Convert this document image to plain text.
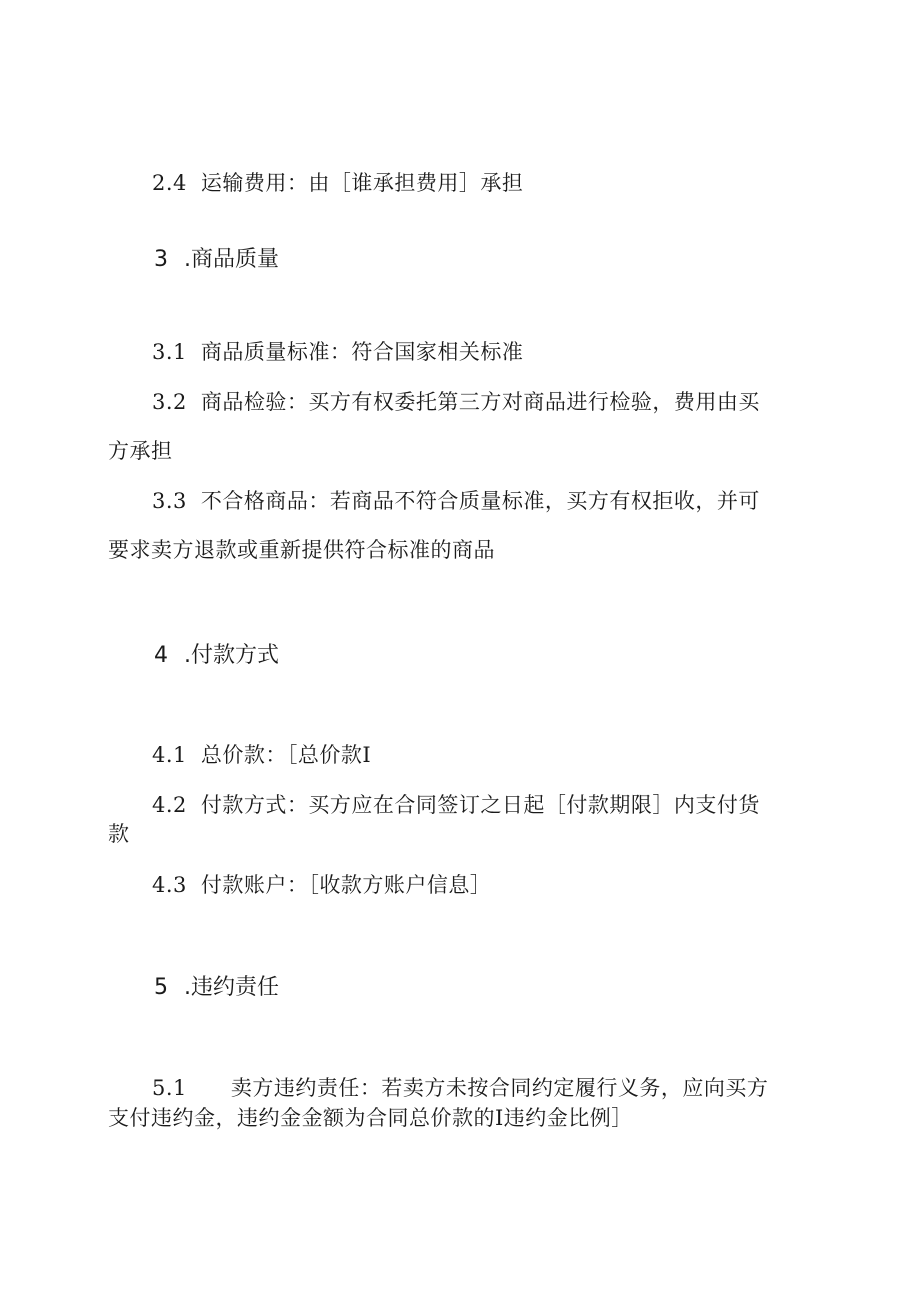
2.4 运输费用：由［谁承担费用］承担
3 .商品质量
3.1 商品质量标准：符合国家相关标准
3.2 商品检验：买方有权委托第三方对商品进行检验，费用由买
方承担
3.3 不合格商品：若商品不符合质量标准，买方有权拒收，并可
要求卖方退款或重新提供符合标准的商品
4 .付款方式
4.1 总价款：［总价款I
4.2 付款方式：买方应在合同签订之日起［付款期限］内支付货
款
4.3 付款账户：［收款方账户信息］
5 .违约责任
5.1 卖方违约责任：若卖方未按合同约定履行义务，应向买方
支付违约金，违约金金额为合同总价款的I违约金比例］
